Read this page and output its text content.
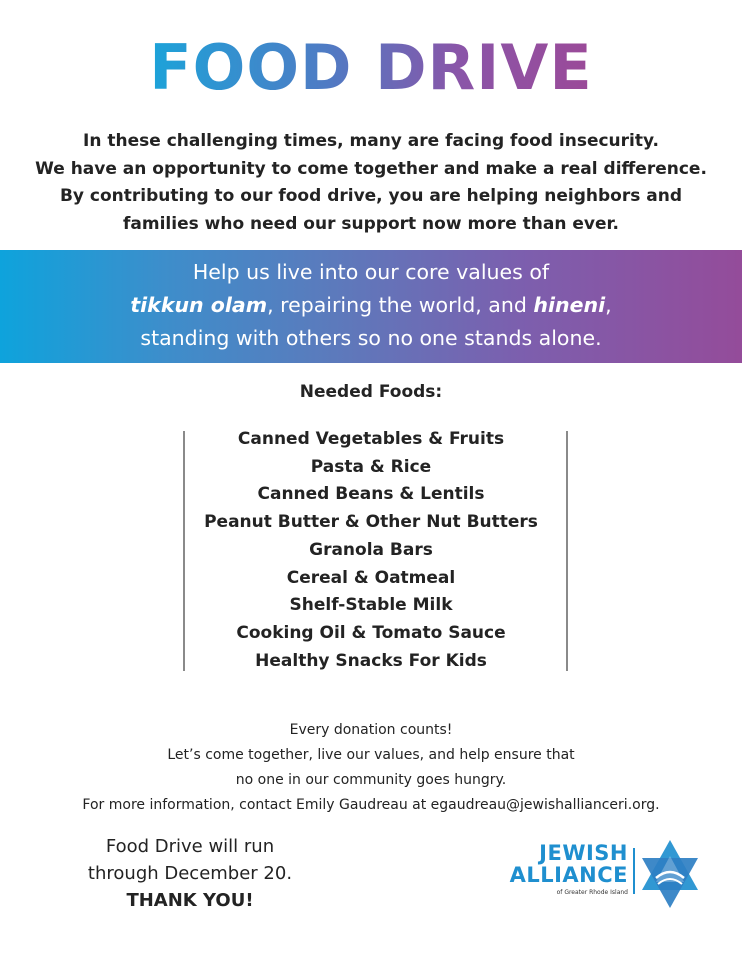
FOOD DRIVE
In these challenging times, many are facing food insecurity.
We have an opportunity to come together and make a real difference.
By contributing to our food drive, you are helping neighbors and
families who need our support now more than ever.
Help us live into our core values of
tikkun olam, repairing the world, and hineni,
standing with others so no one stands alone.
Needed Foods:
Canned Vegetables & Fruits
Pasta & Rice
Canned Beans & Lentils
Peanut Butter & Other Nut Butters
Granola Bars
Cereal & Oatmeal
Shelf-Stable Milk
Cooking Oil & Tomato Sauce
Healthy Snacks For Kids
Every donation counts!
Let’s come together, live our values, and help ensure that
no one in our community goes hungry.
For more information, contact Emily Gaudreau at egaudreau@jewishallianceri.org.
Food Drive will run
through December 20.
THANK YOU!
JEWISH
ALLIANCE
of Greater Rhode Island
